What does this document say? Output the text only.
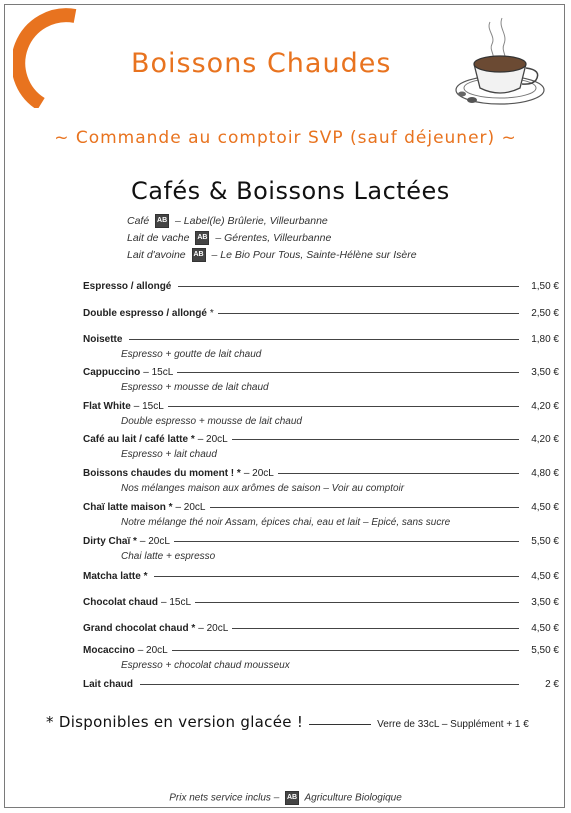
Boissons Chaudes
~ Commande au comptoir SVP (sauf déjeuner) ~
Cafés & Boissons Lactées
Café AB – Label(le) Brûlerie, Villeurbanne
Lait de vache AB – Gérentes, Villeurbanne
Lait d'avoine AB – Le Bio Pour Tous, Sainte-Hélène sur Isère
Espresso / allongé	1,50 €
Double espresso / allongé *	2,50 €
Noisette	1,80 €
Espresso + goutte de lait chaud
Cappuccino – 15cL	3,50 €
Espresso + mousse de lait chaud
Flat White – 15cL	4,20 €
Double espresso + mousse de lait chaud
Café au lait / café latte * – 20cL	4,20 €
Espresso + lait chaud
Boissons chaudes du moment ! * – 20cL	4,80 €
Nos mélanges maison aux arômes de saison – Voir au comptoir
Chaï latte maison * – 20cL	4,50 €
Notre mélange thé noir Assam, épices chai, eau et lait – Epicé, sans sucre
Dirty Chaï * – 20cL	5,50 €
Chai latte + espresso
Matcha latte *	4,50 €
Chocolat chaud – 15cL	3,50 €
Grand chocolat chaud * – 20cL	4,50 €
Mocaccino – 20cL	5,50 €
Espresso + chocolat chaud mousseux
Lait chaud	2 €
* Disponibles en version glacée !	Verre de 33cL – Supplément + 1 €
Prix nets service inclus – AB Agriculture Biologique
